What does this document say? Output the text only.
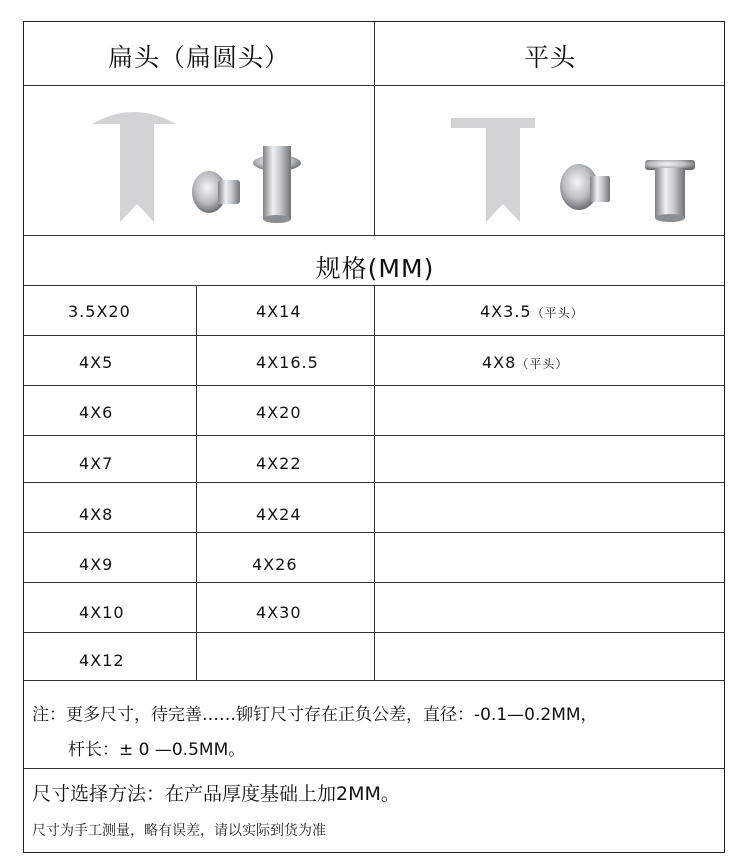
扁头（扁圆头）	平头
规格(MM)
3.5X20
4X5
4X6
4X7
4X8
4X9
4X10
4X12
4X14
4X16.5
4X20
4X22
4X24
4X26
4X30
4X3.5（平头）
4X8（平头）
注：更多尺寸，待完善……铆钉尺寸存在正负公差，直径：-0.1—0.2MM，
杆长：± 0 —0.5MM。
尺寸选择方法：在产品厚度基础上加2MM。
尺寸为手工测量，略有误差，请以实际到货为准
